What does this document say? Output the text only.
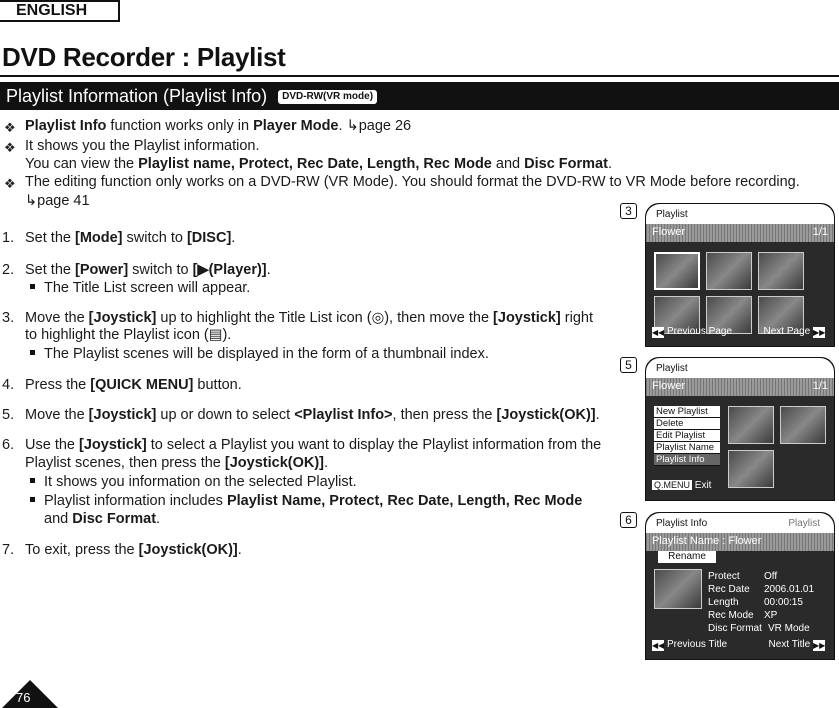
ENGLISH
DVD Recorder : Playlist
Playlist Information (Playlist Info) DVD-RW(VR mode)
❖ Playlist Info function works only in Player Mode. ↳page 26
❖ It shows you the Playlist information.
You can view the Playlist name, Protect, Rec Date, Length, Rec Mode and Disc Format.
❖ The editing function only works on a DVD-RW (VR Mode). You should format the DVD-RW to VR Mode before recording.
↳page 41
1. Set the [Mode] switch to [DISC].
2. Set the [Power] switch to [▶(Player)].
The Title List screen will appear.
3. Move the [Joystick] up to highlight the Title List icon (◎), then move the [Joystick] right
to highlight the Playlist icon (▤).
The Playlist scenes will be displayed in the form of a thumbnail index.
4. Press the [QUICK MENU] button.
5. Move the [Joystick] up or down to select <Playlist Info>, then press the [Joystick(OK)].
6. Use the [Joystick] to select a Playlist you want to display the Playlist information from the
Playlist scenes, then press the [Joystick(OK)].
It shows you information on the selected Playlist.
Playlist information includes Playlist Name, Protect, Rec Date, Length, Rec Mode
and Disc Format.
7. To exit, press the [Joystick(OK)].
3	Playlist
Flower	1/1
◀◀ Previous Page	Next Page ▶▶
5	Playlist
Flower	1/1
New Playlist
Delete
Edit Playlist
Playlist Name
Playlist Info
Q.MENU Exit
6	Playlist Info	Playlist
Playlist Name : Flower
Rename
Protect Off
Rec Date 2006.01.01
Length	00:00:15
Rec Mode XP
Disc Format VR Mode
◀◀ Previous Title	Next Title ▶▶
76
